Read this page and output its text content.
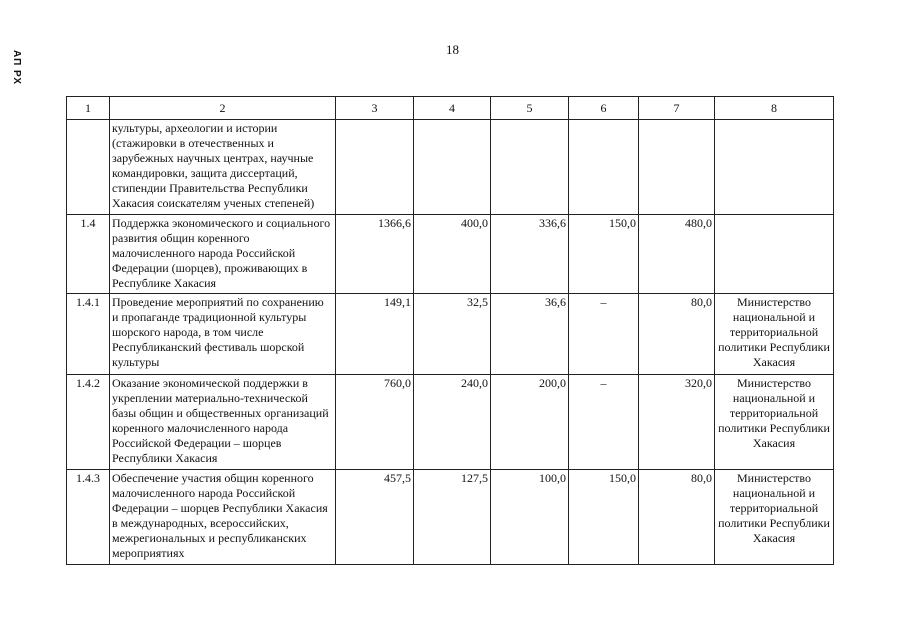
18
АП РХ
1	2	3	4	5	6	7	8
	культуры, археологии и истории (стажировки в отечественных и зарубежных научных центрах, научные командировки, защита диссертаций, стипендии Правительства Республики Хакасия соискателям ученых степеней)						
1.4	Поддержка экономического и социального развития общин коренного малочисленного народа Российской Федерации (шорцев), проживающих в Республике Хакасия	1366,6	400,0	336,6	150,0	480,0	
1.4.1	Проведение мероприятий по сохранению и пропаганде традиционной культуры шорского народа, в том числе Республиканский фестиваль шорской культуры	149,1	32,5	36,6	–	80,0	Министерство национальной и территориальной политики Республики Хакасия
1.4.2	Оказание экономической поддержки в укреплении материально-технической базы общин и общественных организаций коренного малочисленного народа Российской Федерации – шорцев Республики Хакасия	760,0	240,0	200,0	–	320,0	Министерство национальной и территориальной политики Республики Хакасия
1.4.3	Обеспечение участия общин коренного малочисленного народа Российской Федерации – шорцев Республики Хакасия в международных, всероссийских, межрегиональных и республиканских мероприятиях	457,5	127,5	100,0	150,0	80,0	Министерство национальной и территориальной политики Республики Хакасия
